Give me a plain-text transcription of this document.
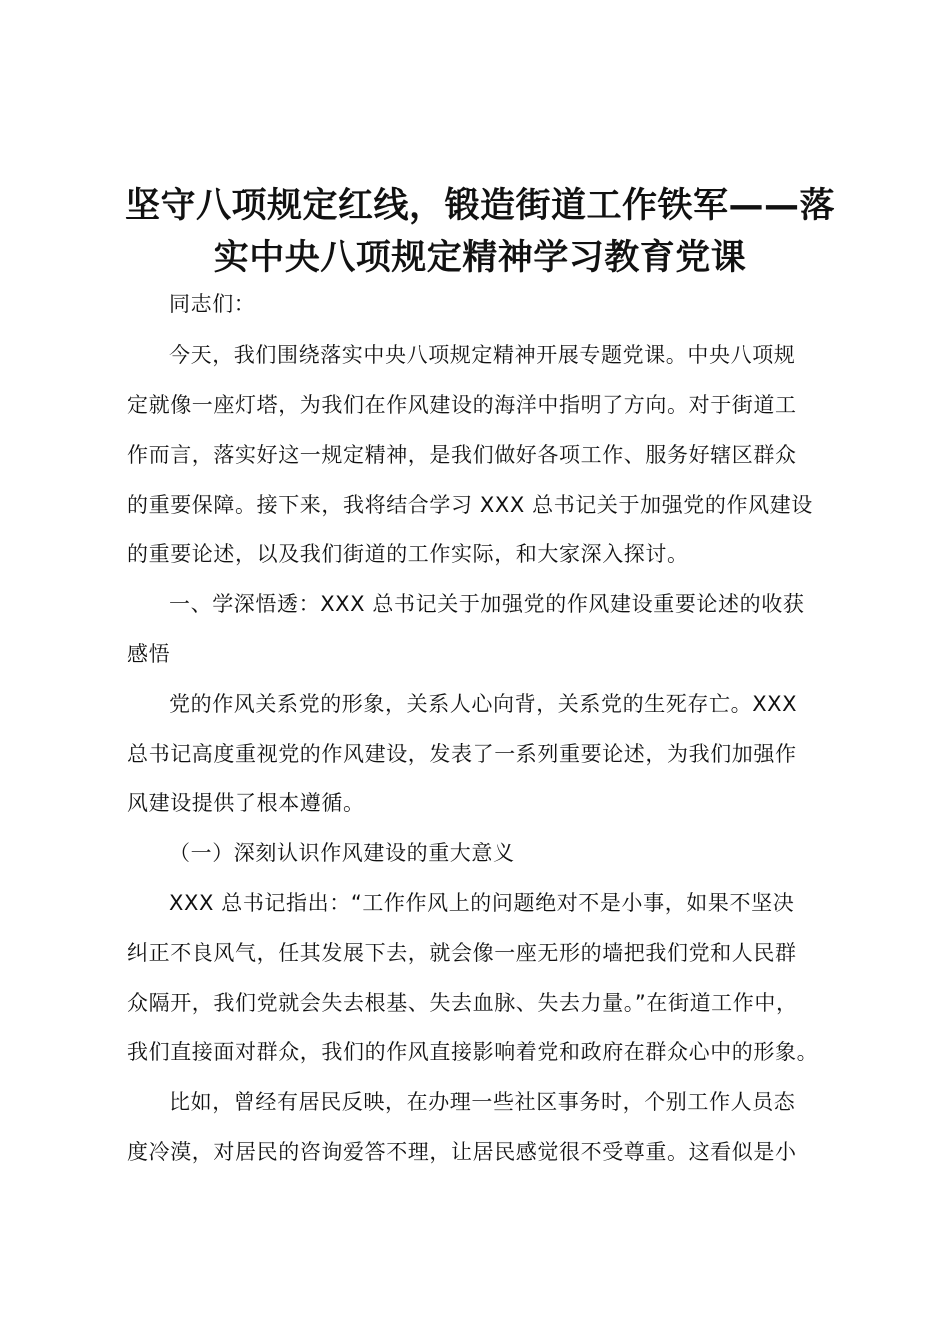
坚守八项规定红线，锻造街道工作铁军——落
实中央八项规定精神学习教育党课
同志们：
今天，我们围绕落实中央八项规定精神开展专题党课。中央八项规
定就像一座灯塔，为我们在作风建设的海洋中指明了方向。对于街道工
作而言，落实好这一规定精神，是我们做好各项工作、服务好辖区群众
的重要保障。接下来，我将结合学习 XXX 总书记关于加强党的作风建设
的重要论述，以及我们街道的工作实际，和大家深入探讨。
一、学深悟透：XXX 总书记关于加强党的作风建设重要论述的收获
感悟
党的作风关系党的形象，关系人心向背，关系党的生死存亡。XXX
总书记高度重视党的作风建设，发表了一系列重要论述，为我们加强作
风建设提供了根本遵循。
（一）深刻认识作风建设的重大意义
XXX 总书记指出：“工作作风上的问题绝对不是小事，如果不坚决
纠正不良风气，任其发展下去，就会像一座无形的墙把我们党和人民群
众隔开，我们党就会失去根基、失去血脉、失去力量。”在街道工作中，
我们直接面对群众，我们的作风直接影响着党和政府在群众心中的形象。
比如，曾经有居民反映，在办理一些社区事务时，个别工作人员态
度冷漠，对居民的咨询爱答不理，让居民感觉很不受尊重。这看似是小
